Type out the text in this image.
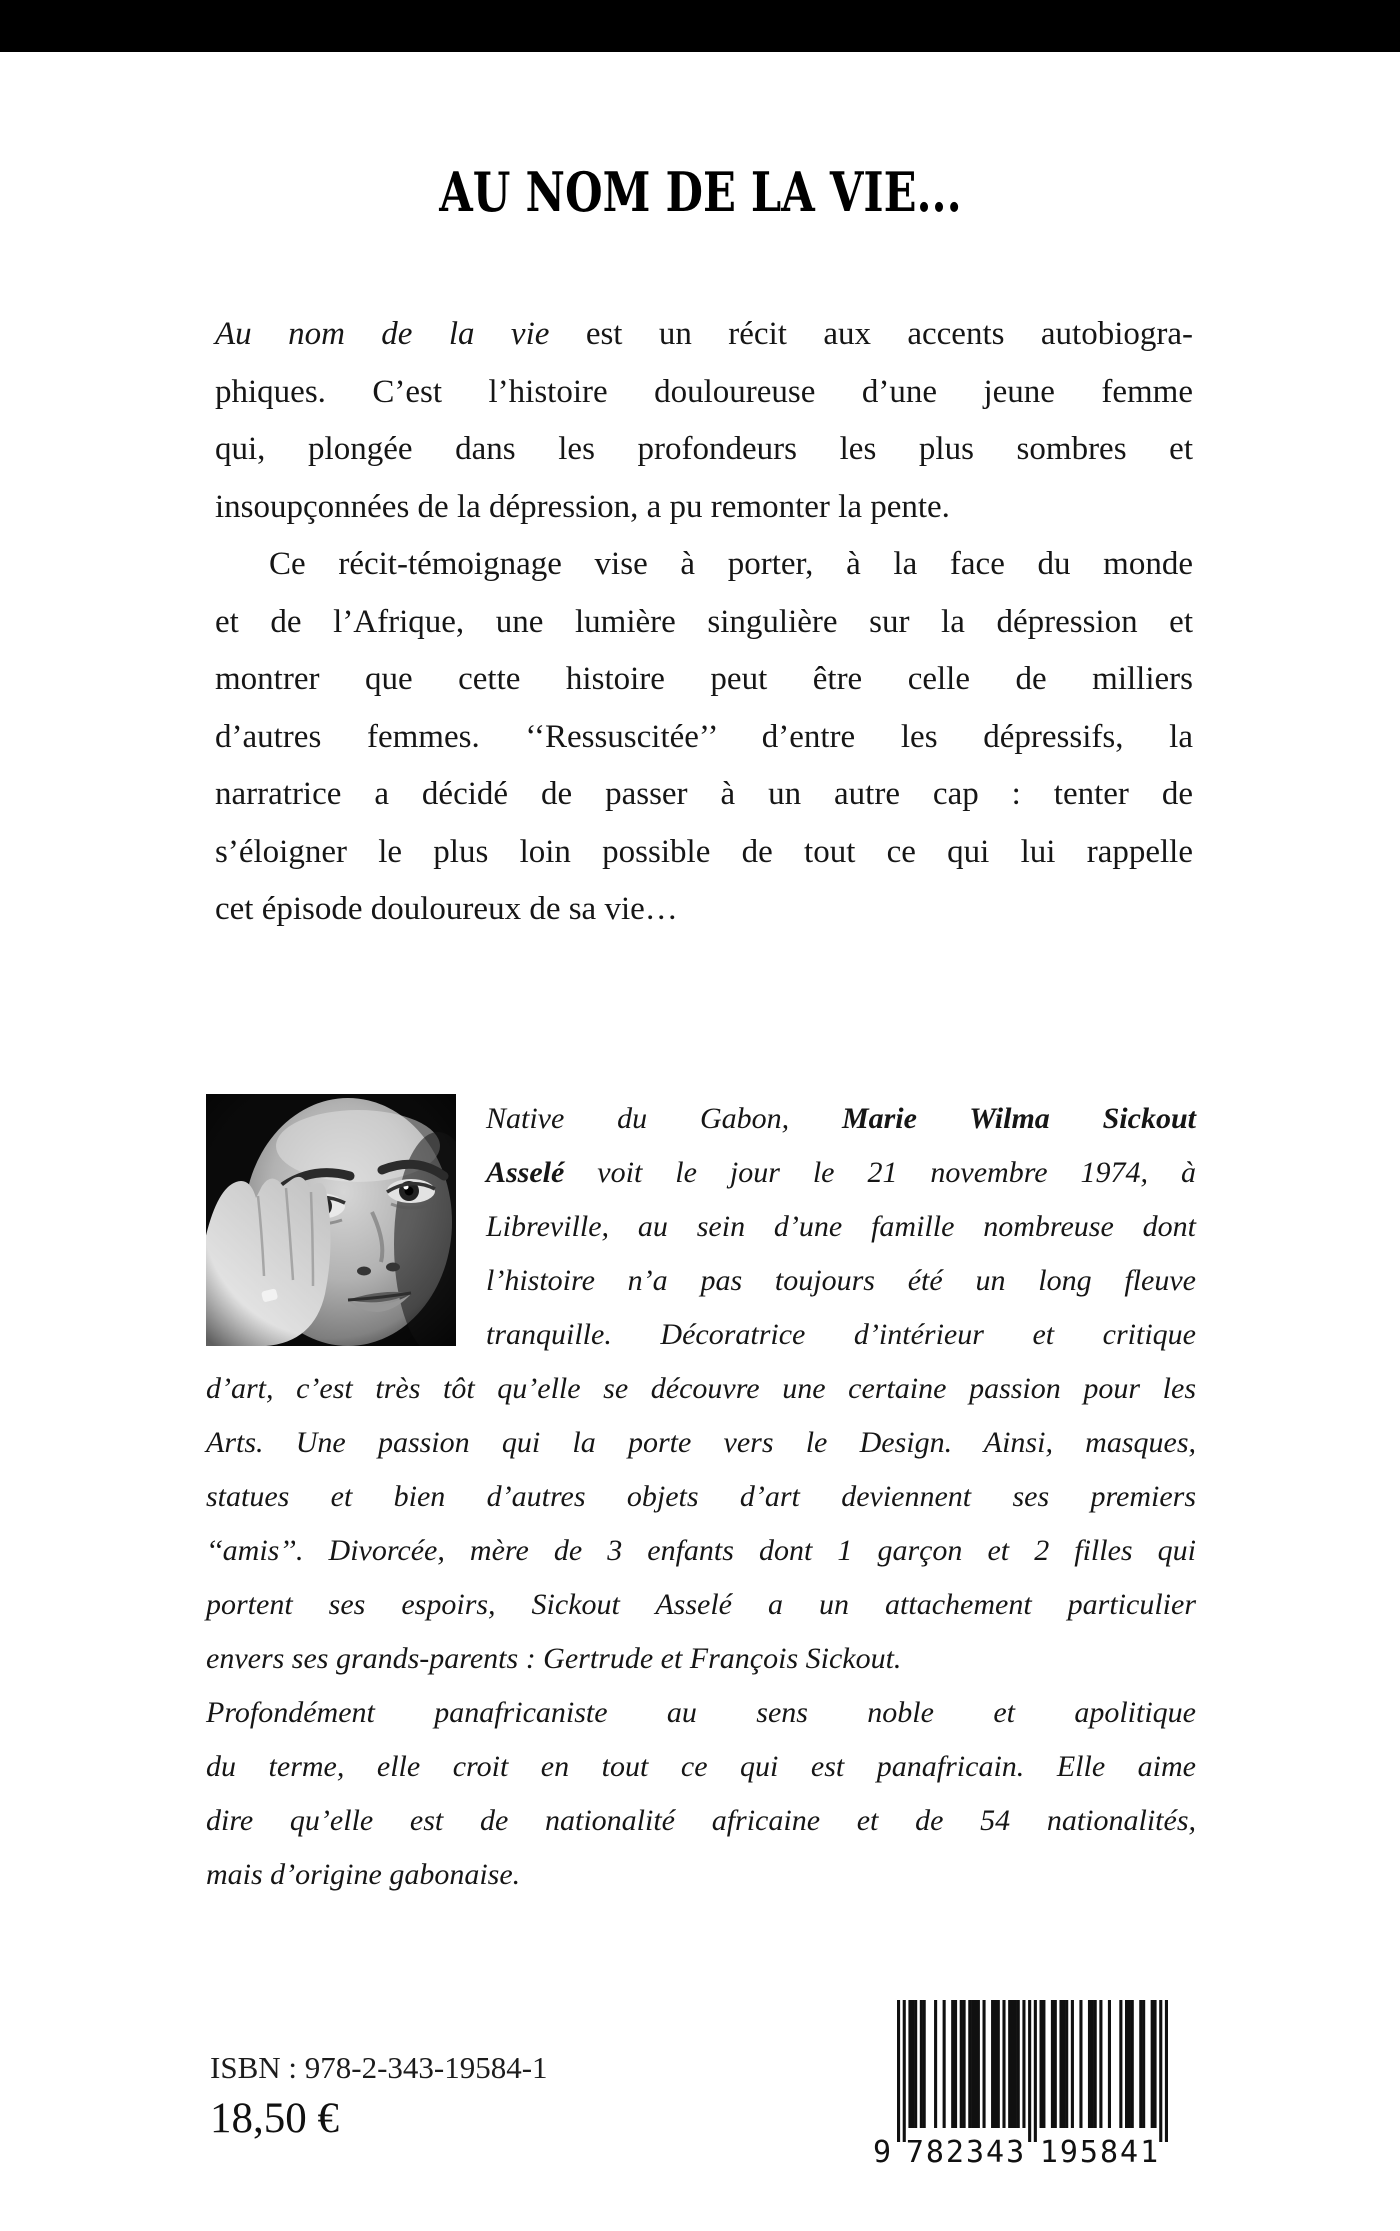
AU NOM DE LA VIE...
Au nom de la vie est un récit aux accents autobiogra-
phiques. C’est l’histoire douloureuse d’une jeune femme
qui, plongée dans les profondeurs les plus sombres et
insoupçonnées de la dépression, a pu remonter la pente.
Ce récit-témoignage vise à porter, à la face du monde
et de l’Afrique, une lumière singulière sur la dépression et
montrer que cette histoire peut être celle de milliers
d’autres femmes. ‘‘Ressuscitée’’ d’entre les dépressifs, la
narratrice a décidé de passer à un autre cap : tenter de
s’éloigner le plus loin possible de tout ce qui lui rappelle
cet épisode douloureux de sa vie…
Native du Gabon, Marie Wilma Sickout
Asselé voit le jour le 21 novembre 1974, à
Libreville, au sein d’une famille nombreuse dont
l’histoire n’a pas toujours été un long fleuve
tranquille. Décoratrice d’intérieur et critique
d’art, c’est très tôt qu’elle se découvre une certaine passion pour les
Arts. Une passion qui la porte vers le Design. Ainsi, masques,
statues et bien d’autres objets d’art deviennent ses premiers
‘‘amis’’. Divorcée, mère de 3 enfants dont 1 garçon et 2 filles qui
portent ses espoirs, Sickout Asselé a un attachement particulier
envers ses grands-parents : Gertrude et François Sickout.
Profondément panafricaniste au sens noble et apolitique
du terme, elle croit en tout ce qui est panafricain. Elle aime
dire qu’elle est de nationalité africaine et de 54 nationalités,
mais d’origine gabonaise.
ISBN : 978-2-343-19584-1
18,50 €
9 782343 195841
